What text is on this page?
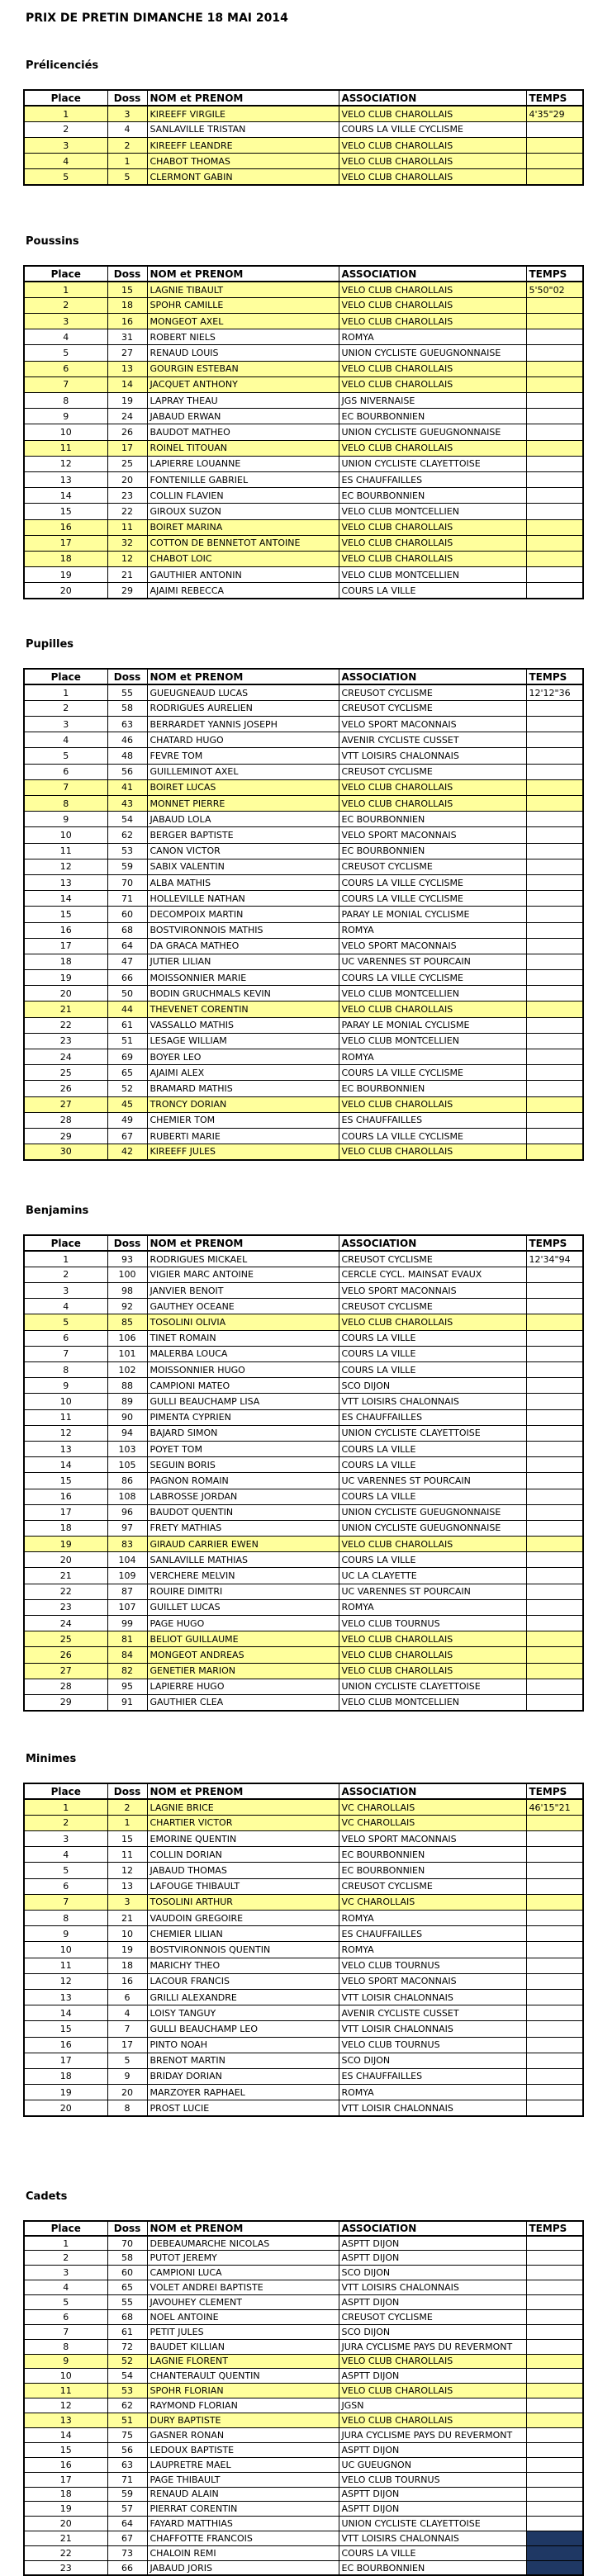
PRIX DE PRETIN DIMANCHE 18 MAI 2014
Prélicenciés
Place	Doss	NOM et PRENOM	ASSOCIATION	TEMPS
1	3	KIREEFF VIRGILE	VELO CLUB CHAROLLAIS	4'35"29
2	4	SANLAVILLE TRISTAN	COURS LA VILLE CYCLISME	
3	2	KIREEFF LEANDRE	VELO CLUB CHAROLLAIS	
4	1	CHABOT THOMAS	VELO CLUB CHAROLLAIS	
5	5	CLERMONT GABIN	VELO CLUB CHAROLLAIS	
Poussins
Place	Doss	NOM et PRENOM	ASSOCIATION	TEMPS
1	15	LAGNIE TIBAULT	VELO CLUB CHAROLLAIS	5'50"02
2	18	SPOHR CAMILLE	VELO CLUB CHAROLLAIS	
3	16	MONGEOT AXEL	VELO CLUB CHAROLLAIS	
4	31	ROBERT NIELS	ROMYA	
5	27	RENAUD LOUIS	UNION CYCLISTE GUEUGNONNAISE	
6	13	GOURGIN ESTEBAN	VELO CLUB CHAROLLAIS	
7	14	JACQUET ANTHONY	VELO CLUB CHAROLLAIS	
8	19	LAPRAY THEAU	JGS NIVERNAISE	
9	24	JABAUD ERWAN	EC BOURBONNIEN	
10	26	BAUDOT MATHEO	UNION CYCLISTE GUEUGNONNAISE	
11	17	ROINEL TITOUAN	VELO CLUB CHAROLLAIS	
12	25	LAPIERRE LOUANNE	UNION CYCLISTE CLAYETTOISE	
13	20	FONTENILLE GABRIEL	ES CHAUFFAILLES	
14	23	COLLIN FLAVIEN	EC BOURBONNIEN	
15	22	GIROUX SUZON	VELO CLUB MONTCELLIEN	
16	11	BOIRET MARINA	VELO CLUB CHAROLLAIS	
17	32	COTTON DE BENNETOT ANTOINE	VELO CLUB CHAROLLAIS	
18	12	CHABOT LOIC	VELO CLUB CHAROLLAIS	
19	21	GAUTHIER ANTONIN	VELO CLUB MONTCELLIEN	
20	29	AJAIMI REBECCA	COURS LA VILLE	
Pupilles
Place	Doss	NOM et PRENOM	ASSOCIATION	TEMPS
1	55	GUEUGNEAUD LUCAS	CREUSOT CYCLISME	12'12"36
2	58	RODRIGUES AURELIEN	CREUSOT CYCLISME	
3	63	BERRARDET YANNIS JOSEPH	VELO SPORT MACONNAIS	
4	46	CHATARD HUGO	AVENIR CYCLISTE CUSSET	
5	48	FEVRE TOM	VTT LOISIRS CHALONNAIS	
6	56	GUILLEMINOT AXEL	CREUSOT CYCLISME	
7	41	BOIRET LUCAS	VELO CLUB CHAROLLAIS	
8	43	MONNET PIERRE	VELO CLUB CHAROLLAIS	
9	54	JABAUD LOLA	EC BOURBONNIEN	
10	62	BERGER BAPTISTE	VELO SPORT MACONNAIS	
11	53	CANON VICTOR	EC BOURBONNIEN	
12	59	SABIX VALENTIN	CREUSOT CYCLISME	
13	70	ALBA MATHIS	COURS LA VILLE CYCLISME	
14	71	HOLLEVILLE NATHAN	COURS LA VILLE CYCLISME	
15	60	DECOMPOIX MARTIN	PARAY LE MONIAL CYCLISME	
16	68	BOSTVIRONNOIS MATHIS	ROMYA	
17	64	DA GRACA MATHEO	VELO SPORT MACONNAIS	
18	47	JUTIER LILIAN	UC VARENNES ST POURCAIN	
19	66	MOISSONNIER MARIE	COURS LA VILLE CYCLISME	
20	50	BODIN GRUCHMALS KEVIN	VELO CLUB MONTCELLIEN	
21	44	THEVENET CORENTIN	VELO CLUB CHAROLLAIS	
22	61	VASSALLO MATHIS	PARAY LE MONIAL CYCLISME	
23	51	LESAGE WILLIAM	VELO CLUB MONTCELLIEN	
24	69	BOYER LEO	ROMYA	
25	65	AJAIMI ALEX	COURS LA VILLE CYCLISME	
26	52	BRAMARD MATHIS	EC BOURBONNIEN	
27	45	TRONCY DORIAN	VELO CLUB CHAROLLAIS	
28	49	CHEMIER TOM	ES CHAUFFAILLES	
29	67	RUBERTI MARIE	COURS LA VILLE CYCLISME	
30	42	KIREEFF JULES	VELO CLUB CHAROLLAIS	
Benjamins
Place	Doss	NOM et PRENOM	ASSOCIATION	TEMPS
1	93	RODRIGUES MICKAEL	CREUSOT CYCLISME	12'34"94
2	100	VIGIER MARC ANTOINE	CERCLE CYCL. MAINSAT EVAUX	
3	98	JANVIER BENOIT	VELO SPORT MACONNAIS	
4	92	GAUTHEY OCEANE	CREUSOT CYCLISME	
5	85	TOSOLINI OLIVIA	VELO CLUB CHAROLLAIS	
6	106	TINET ROMAIN	COURS LA VILLE	
7	101	MALERBA LOUCA	COURS LA VILLE	
8	102	MOISSONNIER HUGO	COURS LA VILLE	
9	88	CAMPIONI MATEO	SCO DIJON	
10	89	GULLI BEAUCHAMP LISA	VTT LOISIRS CHALONNAIS	
11	90	PIMENTA CYPRIEN	ES CHAUFFAILLES	
12	94	BAJARD SIMON	UNION CYCLISTE CLAYETTOISE	
13	103	POYET TOM	COURS LA VILLE	
14	105	SEGUIN BORIS	COURS LA VILLE	
15	86	PAGNON ROMAIN	UC VARENNES ST POURCAIN	
16	108	LABROSSE JORDAN	COURS LA VILLE	
17	96	BAUDOT QUENTIN	UNION CYCLISTE GUEUGNONNAISE	
18	97	FRETY MATHIAS	UNION CYCLISTE GUEUGNONNAISE	
19	83	GIRAUD CARRIER EWEN	VELO CLUB CHAROLLAIS	
20	104	SANLAVILLE MATHIAS	COURS LA VILLE	
21	109	VERCHERE MELVIN	UC LA CLAYETTE	
22	87	ROUIRE DIMITRI	UC VARENNES ST POURCAIN	
23	107	GUILLET LUCAS	ROMYA	
24	99	PAGE HUGO	VELO CLUB TOURNUS	
25	81	BELIOT GUILLAUME	VELO CLUB CHAROLLAIS	
26	84	MONGEOT ANDREAS	VELO CLUB CHAROLLAIS	
27	82	GENETIER MARION	VELO CLUB CHAROLLAIS	
28	95	LAPIERRE HUGO	UNION CYCLISTE CLAYETTOISE	
29	91	GAUTHIER CLEA	VELO CLUB MONTCELLIEN	
Minimes
Place	Doss	NOM et PRENOM	ASSOCIATION	TEMPS
1	2	LAGNIE BRICE	VC CHAROLLAIS	46'15"21
2	1	CHARTIER VICTOR	VC CHAROLLAIS	
3	15	EMORINE QUENTIN	VELO SPORT MACONNAIS	
4	11	COLLIN DORIAN	EC BOURBONNIEN	
5	12	JABAUD THOMAS	EC BOURBONNIEN	
6	13	LAFOUGE THIBAULT	CREUSOT CYCLISME	
7	3	TOSOLINI ARTHUR	VC CHAROLLAIS	
8	21	VAUDOIN GREGOIRE	ROMYA	
9	10	CHEMIER LILIAN	ES CHAUFFAILLES	
10	19	BOSTVIRONNOIS QUENTIN	ROMYA	
11	18	MARICHY THEO	VELO CLUB TOURNUS	
12	16	LACOUR FRANCIS	VELO SPORT MACONNAIS	
13	6	GRILLI ALEXANDRE	VTT LOISIR CHALONNAIS	
14	4	LOISY TANGUY	AVENIR CYCLISTE CUSSET	
15	7	GULLI BEAUCHAMP LEO	VTT LOISIR CHALONNAIS	
16	17	PINTO NOAH	VELO CLUB TOURNUS	
17	5	BRENOT MARTIN	SCO DIJON	
18	9	BRIDAY DORIAN	ES CHAUFFAILLES	
19	20	MARZOYER RAPHAEL	ROMYA	
20	8	PROST LUCIE	VTT LOISIR CHALONNAIS	
Cadets
Place	Doss	NOM et PRENOM	ASSOCIATION	TEMPS
1	70	DEBEAUMARCHE NICOLAS	ASPTT DIJON	
2	58	PUTOT JEREMY	ASPTT DIJON	
3	60	CAMPIONI LUCA	SCO DIJON	
4	65	VOLET ANDREI BAPTISTE	VTT LOISIRS CHALONNAIS	
5	55	JAVOUHEY CLEMENT	ASPTT DIJON	
6	68	NOEL ANTOINE	CREUSOT CYCLISME	
7	61	PETIT JULES	SCO DIJON	
8	72	BAUDET KILLIAN	JURA CYCLISME PAYS DU REVERMONT	
9	52	LAGNIE FLORENT	VELO CLUB CHAROLLAIS	
10	54	CHANTERAULT QUENTIN	ASPTT DIJON	
11	53	SPOHR FLORIAN	VELO CLUB CHAROLLAIS	
12	62	RAYMOND FLORIAN	JGSN	
13	51	DURY BAPTISTE	VELO CLUB CHAROLLAIS	
14	75	GASNER RONAN	JURA CYCLISME PAYS DU REVERMONT	
15	56	LEDOUX BAPTISTE	ASPTT DIJON	
16	63	LAUPRETRE MAEL	UC GUEUGNON	
17	71	PAGE THIBAULT	VELO CLUB TOURNUS	
18	59	RENAUD ALAIN	ASPTT DIJON	
19	57	PIERRAT CORENTIN	ASPTT DIJON	
20	64	FAYARD MATTHIAS	UNION CYCLISTE CLAYETTOISE	
21	67	CHAFFOTTE FRANCOIS	VTT LOISIRS CHALONNAIS	
22	73	CHALOIN REMI	COURS LA VILLE	
23	66	JABAUD JORIS	EC BOURBONNIEN	
